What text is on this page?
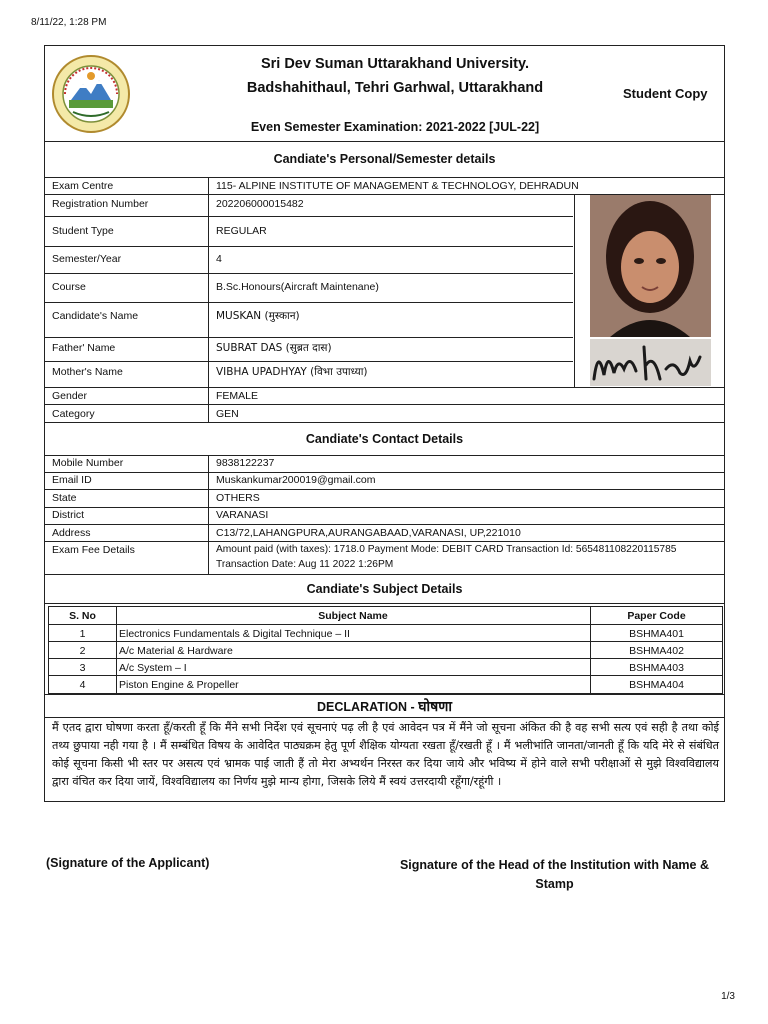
8/11/22, 1:28 PM
Sri Dev Suman Uttarakhand University.
Badshahithaul, Tehri Garhwal, Uttarakhand	Student Copy
Even Semester Examination: 2021-2022 [JUL-22]
Candiate's Personal/Semester details
Exam Centre	115- ALPINE INSTITUTE OF MANAGEMENT & TECHNOLOGY, DEHRADUN
Registration Number	202206000015482
Student Type	REGULAR
Semester/Year	4
Course	B.Sc.Honours(Aircraft Maintenane)
Candidate's Name	MUSKAN (मुस्कान)
Father' Name	SUBRAT DAS (सुब्रत दास)
Mother's Name	VIBHA UPADHYAY (विभा उपाध्या)
Gender	FEMALE
Category	GEN
Candiate's Contact Details
Mobile Number	9838122237
Email ID	Muskankumar200019@gmail.com
State	OTHERS
District	VARANASI
Address	C13/72,LAHANGPURA,AURANGABAAD,VARANASI, UP,221010
Exam Fee Details	Amount paid (with taxes): 1718.0 Payment Mode: DEBIT CARD Transaction Id: 565481108220115785
Transaction Date: Aug 11 2022 1:26PM
Candiate's Subject Details
S. No	Subject Name	Paper Code
1	Electronics Fundamentals & Digital Technique – II	BSHMA401
2	A/c Material & Hardware	BSHMA402
3	A/c System – I	BSHMA403
4	Piston Engine & Propeller	BSHMA404
DECLARATION - घोषणा
मैं एतद द्वारा घोषणा करता हूँ/करती हूँ कि मैंने सभी निर्देश एवं सूचनाएं पढ़ ली है एवं आवेदन पत्र में मैंने जो सूचना अंकित की है वह सभी सत्य एवं सही है तथा कोई तथ्य छुपाया नही गया है । मैं सम्बंधित विषय के आवेदित पाठ्यक्रम हेतु पूर्ण शैक्षिक योग्यता रखता हूँ/रखती हूँ । मैं भलीभांति जानता/जानती हूँ कि यदि मेरे से संबंधित कोई सूचना किसी भी स्तर पर असत्य एवं भ्रामक पाई जाती हैं तो मेरा अभ्यर्थन निरस्त कर दिया जाये और भविष्य में होने वाले सभी परीक्षाओं से मुझे विश्वविद्यालय द्वारा वंचित कर दिया जायें, विश्वविद्यालय का निर्णय मुझे मान्य होगा, जिसके लिये मैं स्वयं उत्तरदायी रहूँगा/रहूंगी ।
(Signature of the Applicant)	Signature of the Head of the Institution with Name & Stamp
1/3
